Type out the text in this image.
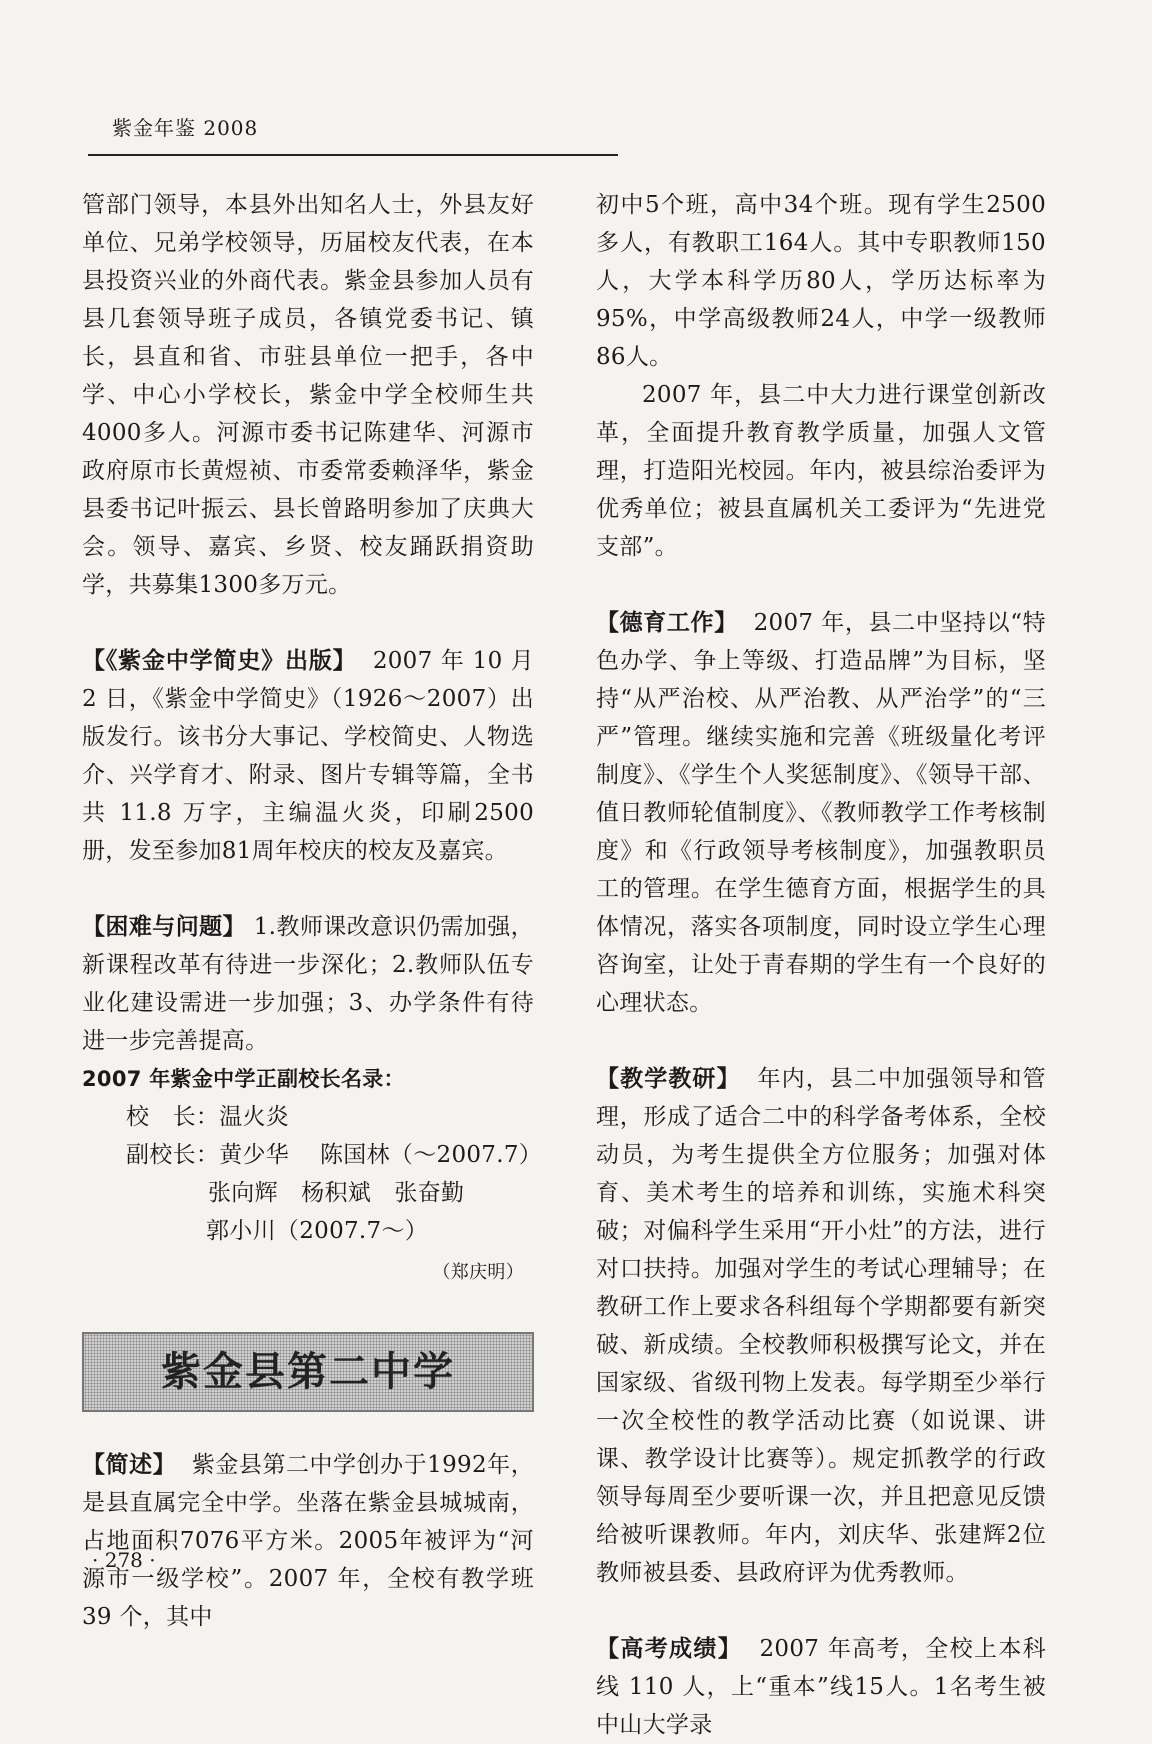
紫金年鉴 2008

管部门领导，本县外出知名人士，外县友好单位、兄弟学校领导，历届校友代表，在本县投资兴业的外商代表。紫金县参加人员有县几套领导班子成员，各镇党委书记、镇长，县直和省、市驻县单位一把手，各中学、中心小学校长，紫金中学全校师生共4000多人。河源市委书记陈建华、河源市政府原市长黄煜祯、市委常委赖泽华，紫金县委书记叶振云、县长曾路明参加了庆典大会。领导、嘉宾、乡贤、校友踊跃捐资助学，共募集1300多万元。

【《紫金中学简史》出版】 2007 年 10 月 2 日，《紫金中学简史》（1926～2007）出版发行。该书分大事记、学校简史、人物选介、兴学育才、附录、图片专辑等篇，全书共 11.8 万字，主编温火炎，印刷2500册，发至参加81周年校庆的校友及嘉宾。

【困难与问题】 1.教师课改意识仍需加强，新课程改革有待进一步深化；2.教师队伍专业化建设需进一步加强；3、办学条件有待进一步完善提高。

2007 年紫金中学正副校长名录：

校　长：温火炎

副校长：黄少华　 陈国林（～2007.7）

张向辉　杨积斌　张奋勤

郭小川（2007.7～）

（郑庆明）

紫金县第二中学

【简述】 紫金县第二中学创办于1992年，是县直属完全中学。坐落在紫金县城城南，占地面积7076平方米。2005年被评为“河源市一级学校”。2007 年，全校有教学班 39 个，其中

初中5个班，高中34个班。现有学生2500多人，有教职工164人。其中专职教师150人，大学本科学历80人，学历达标率为95%，中学高级教师24人，中学一级教师86人。

2007 年，县二中大力进行课堂创新改革，全面提升教育教学质量，加强人文管理，打造阳光校园。年内，被县综治委评为优秀单位；被县直属机关工委评为“先进党支部”。

【德育工作】 2007 年，县二中坚持以“特色办学、争上等级、打造品牌”为目标，坚持“从严治校、从严治教、从严治学”的“三严”管理。继续实施和完善《班级量化考评制度》、《学生个人奖惩制度》、《领导干部、值日教师轮值制度》、《教师教学工作考核制度》和《行政领导考核制度》，加强教职员工的管理。在学生德育方面，根据学生的具体情况，落实各项制度，同时设立学生心理咨询室，让处于青春期的学生有一个良好的心理状态。

【教学教研】 年内，县二中加强领导和管理，形成了适合二中的科学备考体系，全校动员，为考生提供全方位服务；加强对体育、美术考生的培养和训练，实施术科突破；对偏科学生采用“开小灶”的方法，进行对口扶持。加强对学生的考试心理辅导；在教研工作上要求各科组每个学期都要有新突破、新成绩。全校教师积极撰写论文，并在国家级、省级刊物上发表。每学期至少举行一次全校性的教学活动比赛（如说课、讲课、教学设计比赛等）。规定抓教学的行政领导每周至少要听课一次，并且把意见反馈给被听课教师。年内，刘庆华、张建辉2位教师被县委、县政府评为优秀教师。

【高考成绩】 2007 年高考，全校上本科线 110 人，上“重本”线15人。1名考生被中山大学录

· 278 ·
